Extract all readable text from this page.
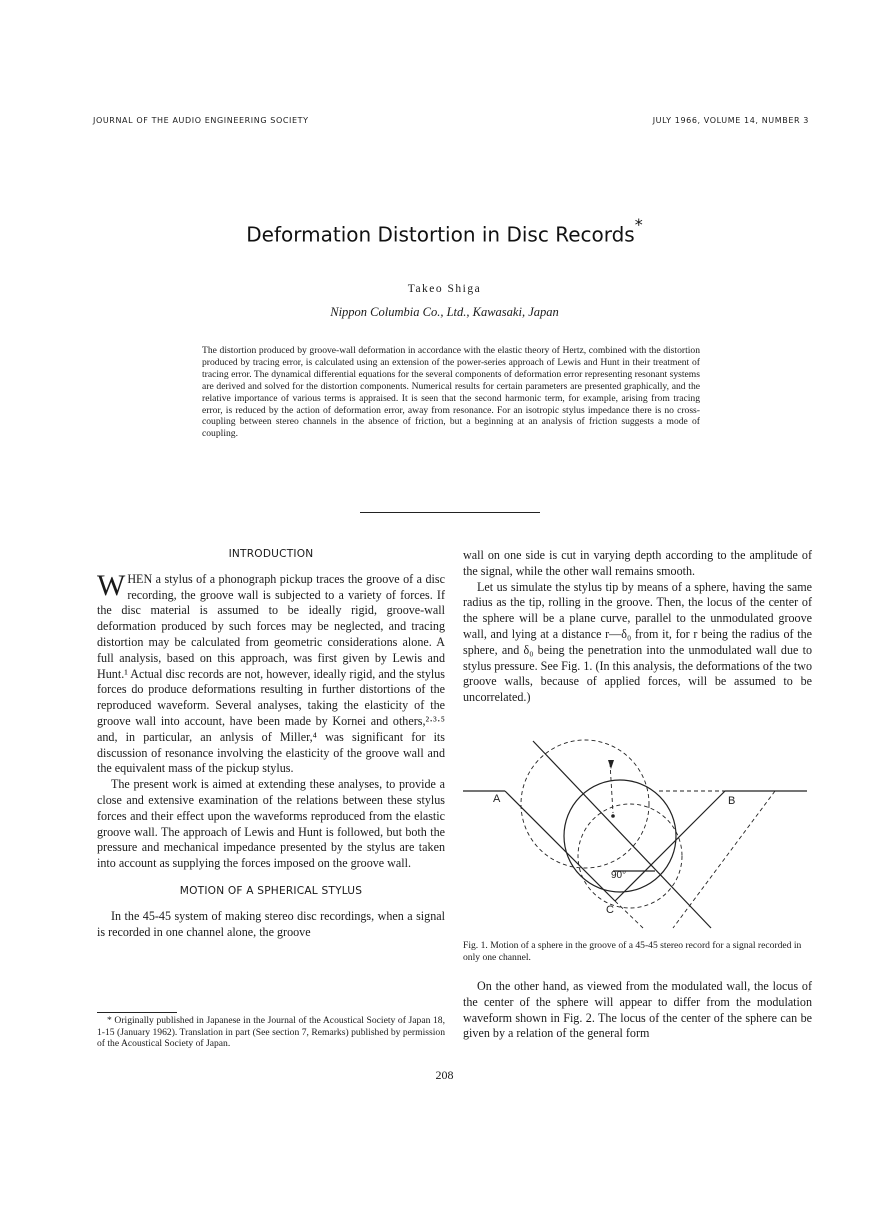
JOURNAL OF THE AUDIO ENGINEERING SOCIETY	JULY 1966, VOLUME 14, NUMBER 3
Deformation Distortion in Disc Records*
Takeo Shiga
Nippon Columbia Co., Ltd., Kawasaki, Japan
The distortion produced by groove-wall deformation in accordance with the elastic theory of Hertz, combined with the distortion produced by tracing error, is calculated using an extension of the power-series approach of Lewis and Hunt in their treatment of tracing error. The dynamical differential equations for the several components of deformation error representing resonant systems are derived and solved for the distortion components. Numerical results for certain parameters are presented graphically, and the relative importance of various terms is appraised. It is seen that the second harmonic term, for example, arising from tracing error, is reduced by the action of deformation error, away from resonance. For an isotropic stylus impedance there is no cross-coupling between stereo channels in the absence of friction, but a beginning at an analysis of friction suggests a mode of coupling.
INTRODUCTION

WHEN a stylus of a phonograph pickup traces the groove of a disc recording, the groove wall is subjected to a variety of forces. If the disc material is assumed to be ideally rigid, groove-wall deformation produced by such forces may be neglected, and tracing distortion may be calculated from geometric considerations alone. A full analysis, based on this approach, was first given by Lewis and Hunt.¹ Actual disc records are not, however, ideally rigid, and the stylus forces do produce deformations resulting in further distortions of the reproduced waveform. Several analyses, taking the elasticity of the groove wall into account, have been made by Kornei and others,²·³·⁵ and, in particular, an anlysis of Miller,⁴ was significant for its discussion of resonance involving the elasticity of the groove wall and the equivalent mass of the pickup stylus.

The present work is aimed at extending these analyses, to provide a close and extensive examination of the relations between these stylus forces and their effect upon the waveforms reproduced from the elastic groove wall. The approach of Lewis and Hunt is followed, but both the pressure and mechanical impedance presented by the stylus are taken into account as supplying the forces imposed on the groove wall.

MOTION OF A SPHERICAL STYLUS

In the 45-45 system of making stereo disc recordings, when a signal is recorded in one channel alone, the groove

* Originally published in Japanese in the Journal of the Acoustical Society of Japan 18, 1-15 (January 1962). Translation in part (See section 7, Remarks) published by permission of the Acoustical Society of Japan.

wall on one side is cut in varying depth according to the amplitude of the signal, while the other wall remains smooth.

Let us simulate the stylus tip by means of a sphere, having the same radius as the tip, rolling in the groove. Then, the locus of the center of the sphere will be a plane curve, parallel to the unmodulated groove wall, and lying at a distance r—δ₀ from it, for r being the radius of the sphere, and δ₀ being the penetration into the unmodulated wall due to stylus pressure. See Fig. 1. (In this analysis, the deformations of the two groove walls, because of applied forces, will be assumed to be uncorrelated.)

A	B
C
90°
Fig. 1. Motion of a sphere in the groove of a 45-45 stereo record for a signal recorded in only one channel.

On the other hand, as viewed from the modulated wall, the locus of the center of the sphere will appear to differ from the modulation waveform shown in Fig. 2. The locus of the center of the sphere can be given by a relation of the general form

208
